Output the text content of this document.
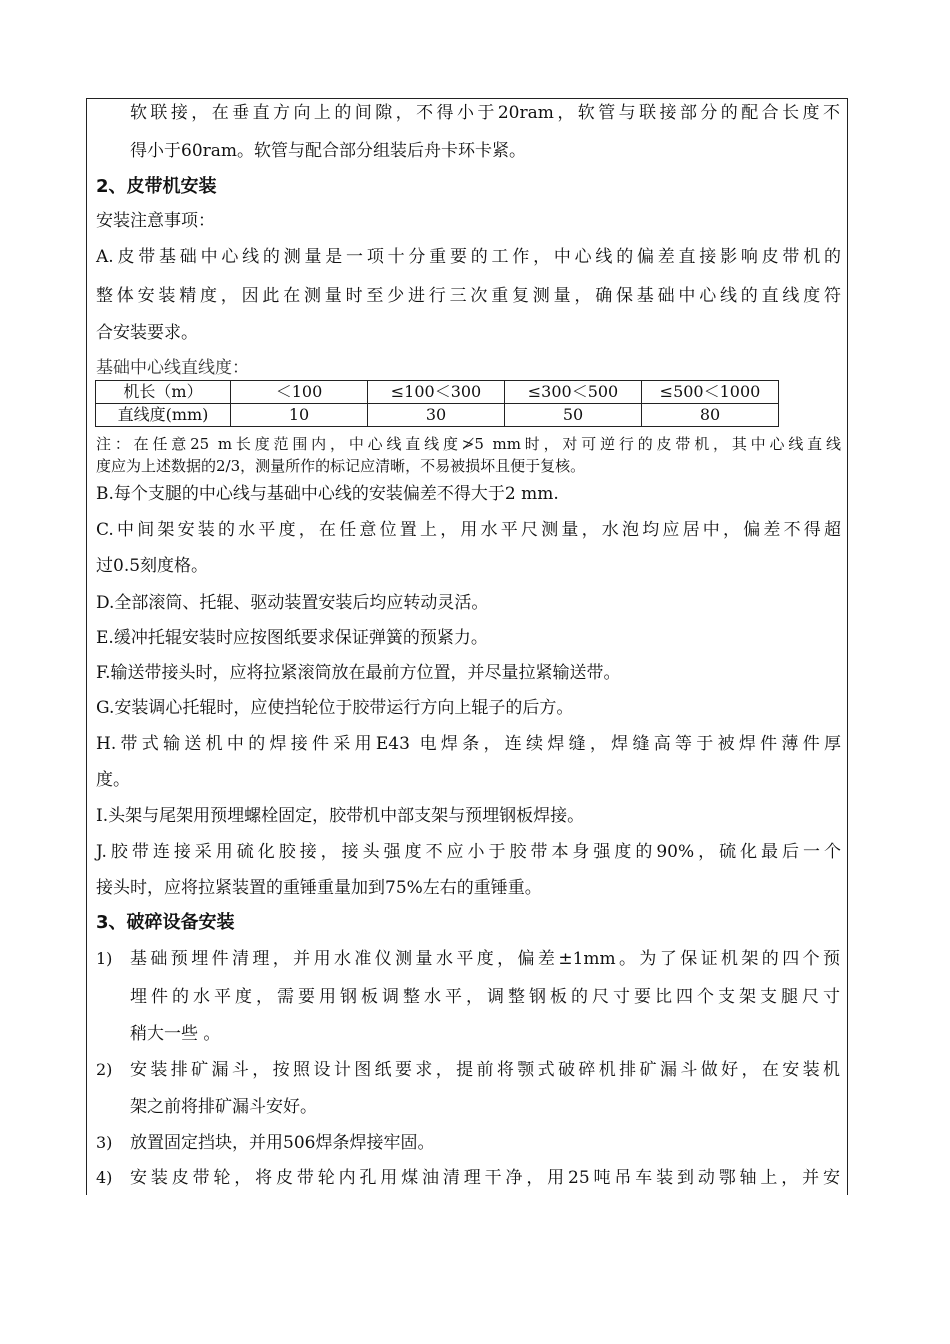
软联接，在垂直方向上的间隙，不得小于20ram，软管与联接部分的配合长度不
得小于60ram。软管与配合部分组装后舟卡环卡紧。
2、皮带机安装
安装注意事项：
A.皮带基础中心线的测量是一项十分重要的工作，中心线的偏差直接影响皮带机的
整体安装精度，因此在测量时至少进行三次重复测量，确保基础中心线的直线度符
合安装要求。
基础中心线直线度：
机长（m）	＜100	≤100＜300	≤300＜500	≤500＜1000
直线度(mm)	10	30	50	80
注：在任意25 m长度范围内，中心线直线度≯5 mm时，对可逆行的皮带机，其中心线直线
度应为上述数据的2/3，测量所作的标记应清晰，不易被损坏且便于复核。
B.每个支腿的中心线与基础中心线的安装偏差不得大于2 mm.
C.中间架安装的水平度，在任意位置上，用水平尺测量，水泡均应居中，偏差不得超
过0.5刻度格。
D.全部滚筒、托辊、驱动装置安装后均应转动灵活。
E.缓冲托辊安装时应按图纸要求保证弹簧的预紧力。
F.输送带接头时，应将拉紧滚筒放在最前方位置，并尽量拉紧输送带。
G.安装调心托辊时，应使挡轮位于胶带运行方向上辊子的后方。
H.带式输送机中的焊接件采用E43 电焊条，连续焊缝，焊缝高等于被焊件薄件厚
度。
I.头架与尾架用预埋螺栓固定，胶带机中部支架与预埋钢板焊接。
J.胶带连接采用硫化胶接，接头强度不应小于胶带本身强度的90%，硫化最后一个
接头时，应将拉紧装置的重锤重量加到75%左右的重锤重。
3、破碎设备安装
1) 基础预埋件清理，并用水准仪测量水平度，偏差±1mm。为了保证机架的四个预
埋件的水平度，需要用钢板调整水平，调整钢板的尺寸要比四个支架支腿尺寸
稍大一些 。
2) 安装排矿漏斗，按照设计图纸要求，提前将颚式破碎机排矿漏斗做好，在安装机
架之前将排矿漏斗安好。
3) 放置固定挡块，并用506焊条焊接牢固。
4) 安装皮带轮，将皮带轮内孔用煤油清理干净，用25吨吊车装到动鄂轴上，并安
